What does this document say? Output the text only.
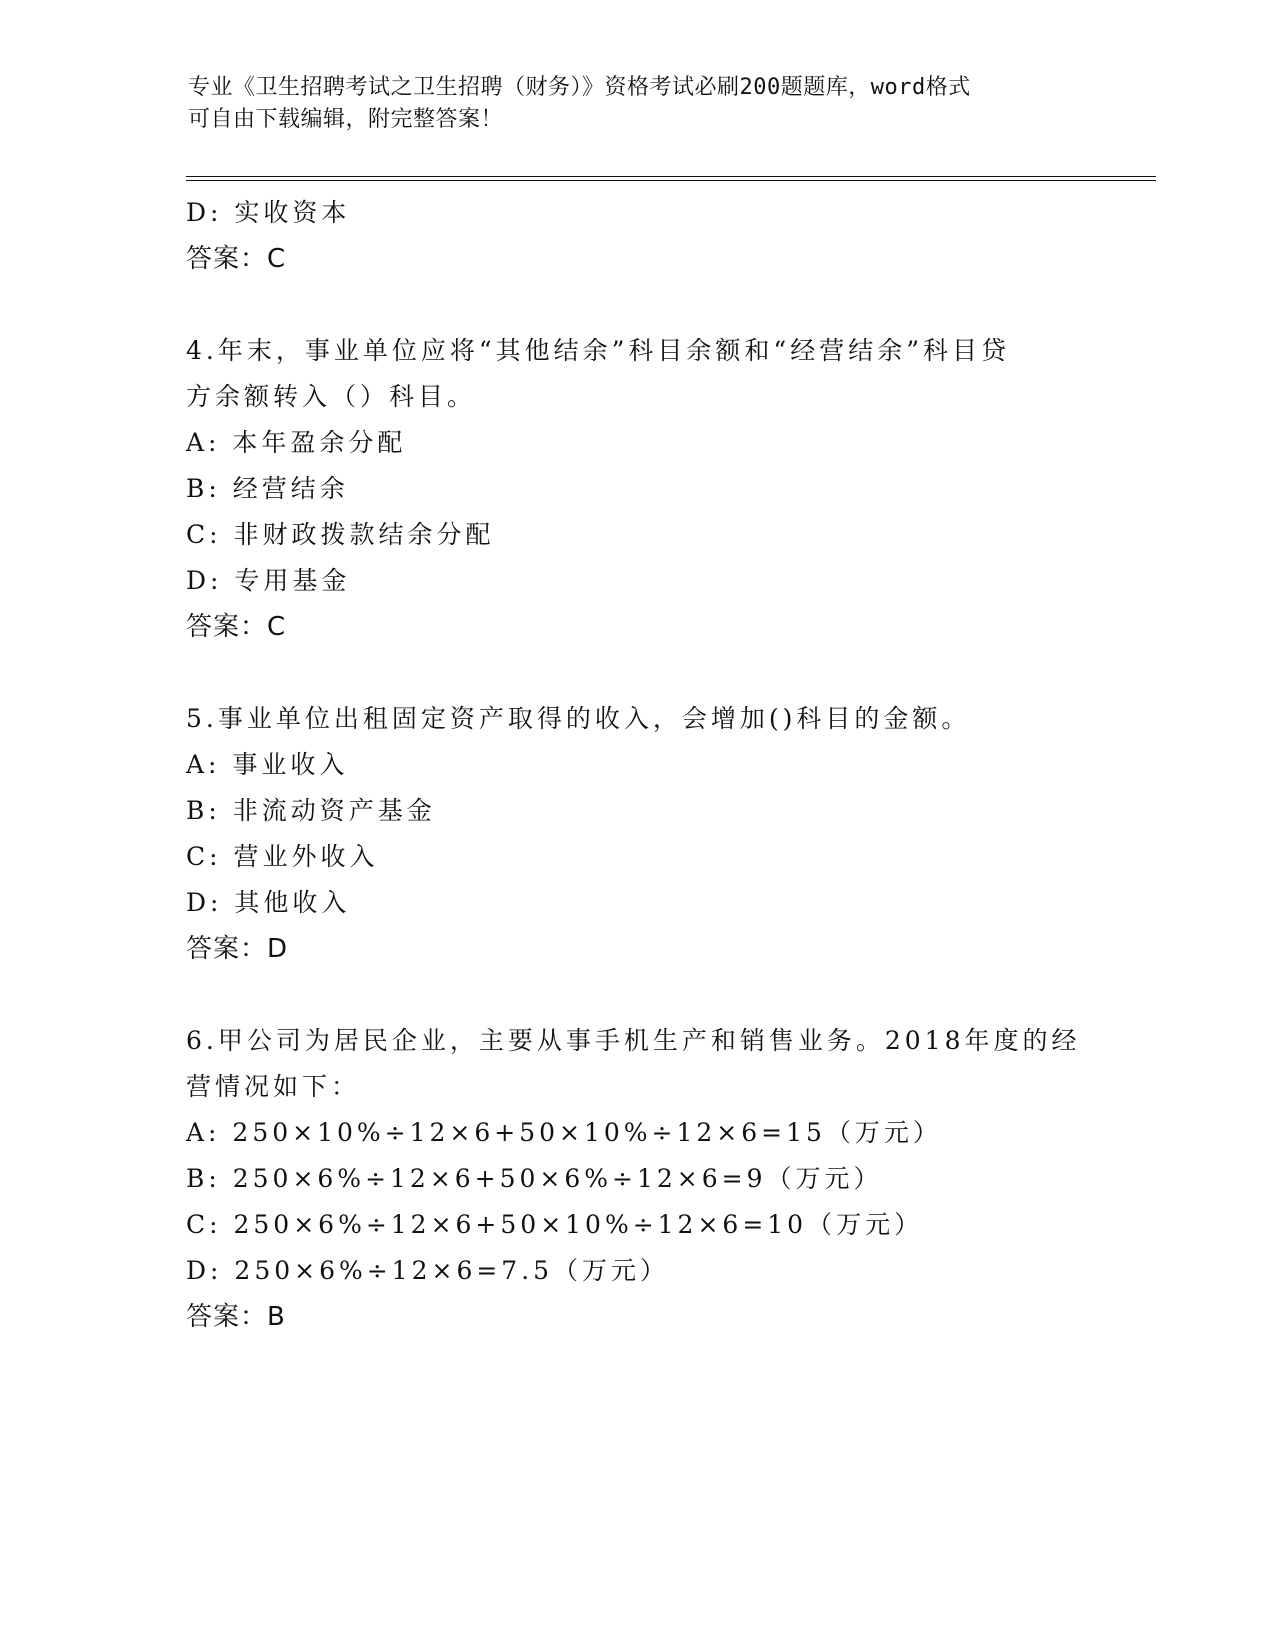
专业《卫生招聘考试之卫生招聘（财务）》资格考试必刷200题题库，word格式
可自由下载编辑，附完整答案！
D: 实收资本
答案：C
4.年末，事业单位应将“其他结余”科目余额和“经营结余”科目贷
方余额转入（）科目。
A: 本年盈余分配
B: 经营结余
C: 非财政拨款结余分配
D: 专用基金
答案：C
5.事业单位出租固定资产取得的收入，会增加()科目的金额。
A: 事业收入
B: 非流动资产基金
C: 营业外收入
D: 其他收入
答案：D
6.甲公司为居民企业，主要从事手机生产和销售业务。2018年度的经
营情况如下：
A: 250×10%÷12×6+50×10%÷12×6=15（万元）
B: 250×6%÷12×6+50×6%÷12×6=9（万元）
C: 250×6%÷12×6+50×10%÷12×6=10（万元）
D: 250×6%÷12×6=7.5（万元）
答案：B
